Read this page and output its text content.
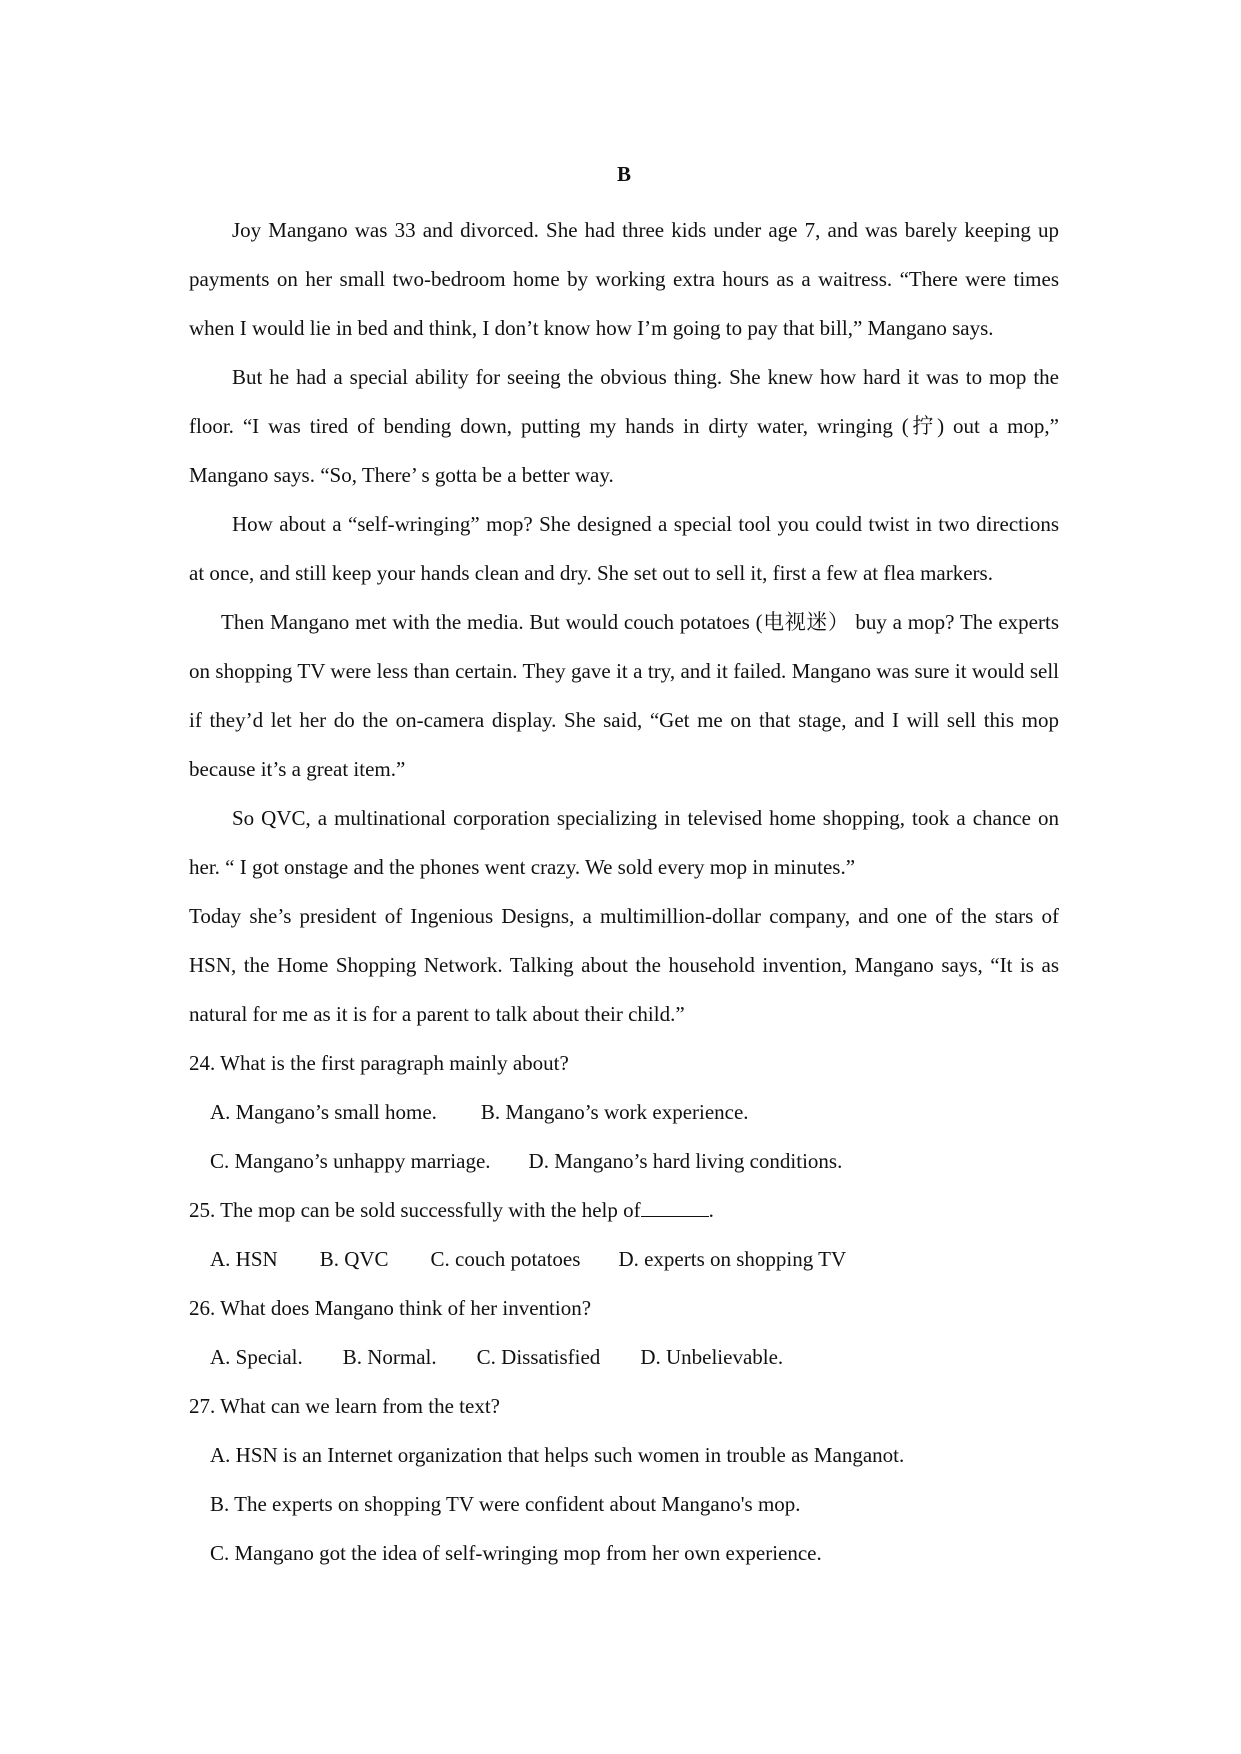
B

Joy Mangano was 33 and divorced. She had three kids under age 7, and was barely keeping up payments on her small two-bedroom home by working extra hours as a waitress. “There were times when I would lie in bed and think, I don’t know how I’m going to pay that bill,” Mangano says.

But he had a special ability for seeing the obvious thing. She knew how hard it was to mop the floor. “I was tired of bending down, putting my hands in dirty water, wringing (拧) out a mop,” Mangano says. “So, There’ s gotta be a better way.

How about a “self-wringing” mop? She designed a special tool you could twist in two directions at once, and still keep your hands clean and dry. She set out to sell it, first a few at flea markers.

Then Mangano met with the media. But would couch potatoes (电视迷） buy a mop? The experts on shopping TV were less than certain. They gave it a try, and it failed. Mangano was sure it would sell if they’d let her do the on-camera display. She said, “Get me on that stage, and I will sell this mop because it’s a great item.”

So QVC, a multinational corporation specializing in televised home shopping, took a chance on her. “ I got onstage and the phones went crazy. We sold every mop in minutes.”

Today she’s president of Ingenious Designs, a multimillion-dollar company, and one of the stars of HSN, the Home Shopping Network. Talking about the household invention, Mangano says, “It is as natural for me as it is for a parent to talk about their child.”

24. What is the first paragraph mainly about?

A. Mangano’s small home. B. Mangano’s work experience.

C. Mangano’s unhappy marriage. D. Mangano’s hard living conditions.

25. The mop can be sold successfully with the help of	.

A. HSN B. QVC C. couch potatoes D. experts on shopping TV

26. What does Mangano think of her invention?

A. Special. B. Normal. C. Dissatisfied D. Unbelievable.

27. What can we learn from the text?

A. HSN is an Internet organization that helps such women in trouble as Manganot.

B. The experts on shopping TV were confident about Mangano's mop.

C. Mangano got the idea of self-wringing mop from her own experience.
